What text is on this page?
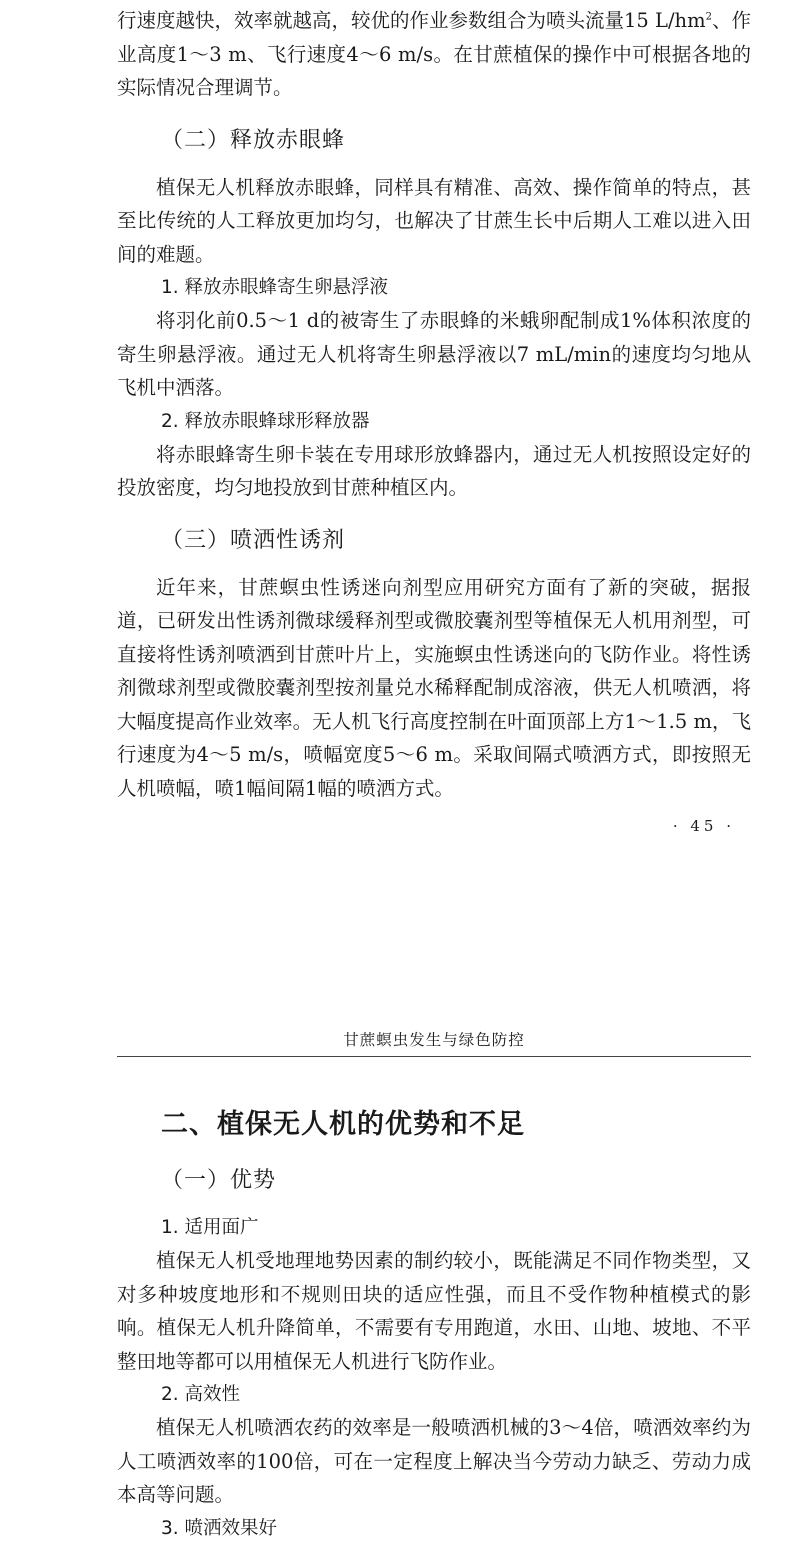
行速度越快，效率就越高，较优的作业参数组合为喷头流量15 $L/hm^2$、作业高度1～3 m、飞行速度4～6 m/s。在甘蔗植保的操作中可根据各地的实际情况合理调节。

（二）释放赤眼蜂

植保无人机释放赤眼蜂，同样具有精准、高效、操作简单的特点，甚至比传统的人工释放更加均匀，也解决了甘蔗生长中后期人工难以进入田间的难题。

1. 释放赤眼蜂寄生卵悬浮液

将羽化前0.5～1 d的被寄生了赤眼蜂的米蛾卵配制成1%体积浓度的寄生卵悬浮液。通过无人机将寄生卵悬浮液以7 mL/min的速度均匀地从飞机中洒落。

2. 释放赤眼蜂球形释放器

将赤眼蜂寄生卵卡装在专用球形放蜂器内，通过无人机按照设定好的投放密度，均匀地投放到甘蔗种植区内。

（三）喷洒性诱剂

近年来，甘蔗螟虫性诱迷向剂型应用研究方面有了新的突破，据报道，已研发出性诱剂微球缓释剂型或微胶囊剂型等植保无人机用剂型，可直接将性诱剂喷洒到甘蔗叶片上，实施螟虫性诱迷向的飞防作业。将性诱剂微球剂型或微胶囊剂型按剂量兑水稀释配制成溶液，供无人机喷洒，将大幅度提高作业效率。无人机飞行高度控制在叶面顶部上方1～1.5 m，飞行速度为4～5 m/s，喷幅宽度5～6 m。采取间隔式喷洒方式，即按照无人机喷幅，喷1幅间隔1幅的喷洒方式。

· 45 ·
甘蔗螟虫发生与绿色防控
二、植保无人机的优势和不足
（一）优势
1. 适用面广

植保无人机受地理地势因素的制约较小，既能满足不同作物类型，又对多种坡度地形和不规则田块的适应性强，而且不受作物种植模式的影响。植保无人机升降简单，不需要有专用跑道，水田、山地、坡地、不平整田地等都可以用植保无人机进行飞防作业。

2. 高效性

植保无人机喷洒农药的效率是一般喷洒机械的3～4倍，喷洒效率约为人工喷洒效率的100倍，可在一定程度上解决当今劳动力缺乏、劳动力成本高等问题。

3. 喷洒效果好
